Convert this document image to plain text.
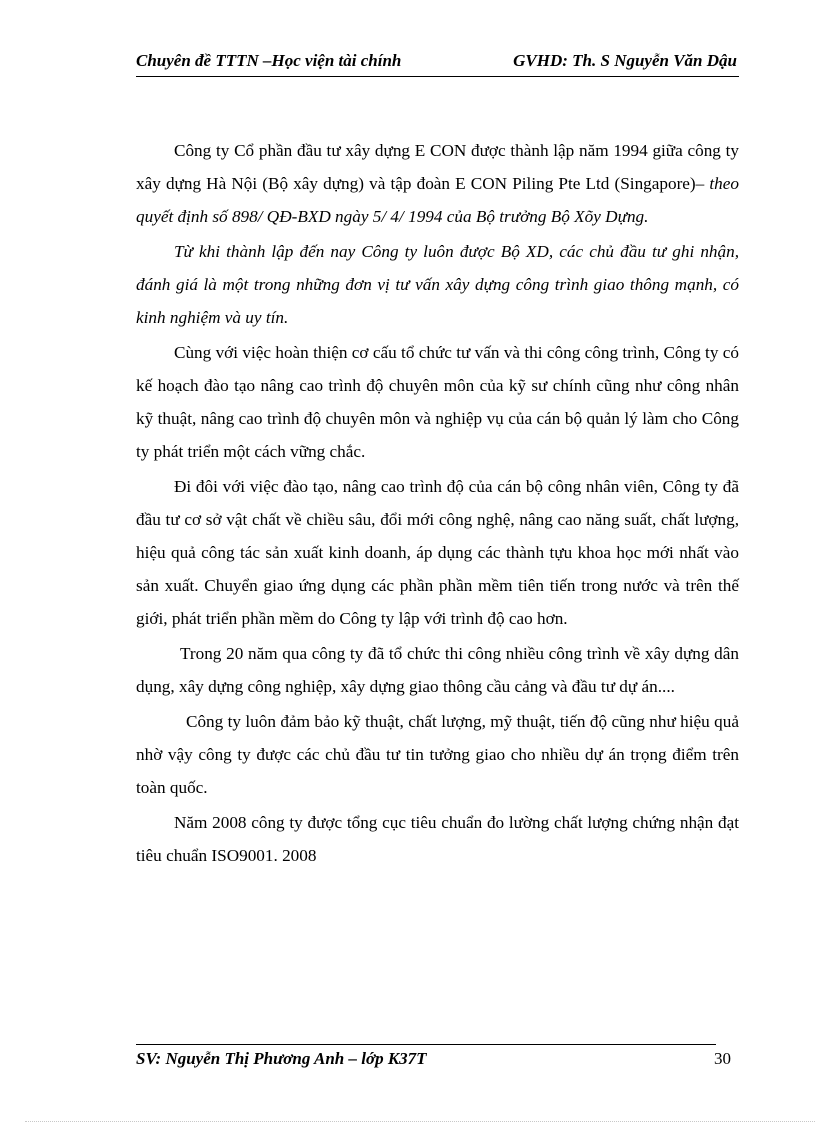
Chuyên đề TTTN –Học viện tài chính	GVHD: Th. S Nguyễn Văn Dậu

Công ty Cổ phần đầu tư xây dựng E CON được thành lập năm 1994 giữa công ty xây dựng Hà Nội (Bộ xây dựng) và tập đoàn E CON Piling Pte Ltd (Singapore)– theo quyết định số 898/ QĐ-BXD ngày 5/ 4/ 1994 của Bộ trưởng Bộ Xõy Dựng.

Từ khi thành lập đến nay Công ty luôn được Bộ XD, các chủ đầu tư ghi nhận, đánh giá là một trong những đơn vị tư vấn xây dựng công trình giao thông mạnh, có kinh nghiệm và uy tín.

Cùng với việc hoàn thiện cơ cấu tổ chức tư vấn và thi công công trình, Công ty có kế hoạch đào tạo nâng cao trình độ chuyên môn của kỹ sư chính cũng như công nhân kỹ thuật, nâng cao trình độ chuyên môn và nghiệp vụ của cán bộ quản lý làm cho Công ty phát triển một cách vững chắc.

Đi đôi với việc đào tạo, nâng cao trình độ của cán bộ công nhân viên, Công ty đã đầu tư cơ sở vật chất về chiều sâu, đổi mới công nghệ, nâng cao năng suất, chất lượng, hiệu quả công tác sản xuất kinh doanh, áp dụng các thành tựu khoa học mới nhất vào sản xuất. Chuyển giao ứng dụng các phần phần mềm tiên tiến trong nước và trên thế giới, phát triển phần mềm do Công ty lập với trình độ cao hơn.

Trong 20 năm qua công ty đã tổ chức thi công nhiều công trình về xây dựng dân dụng, xây dựng công nghiệp, xây dựng giao thông cầu cảng và đầu tư dự án....

Công ty luôn đảm bảo kỹ thuật, chất lượng, mỹ thuật, tiến độ cũng như hiệu quả nhờ vậy công ty được các chủ đầu tư tin tưởng giao cho nhiều dự án trọng điểm trên toàn quốc.

Năm 2008 công ty được tổng cục tiêu chuẩn đo lường chất lượng chứng nhận đạt tiêu chuẩn ISO9001. 2008

SV: Nguyễn Thị Phương Anh – lớp K37T	30
